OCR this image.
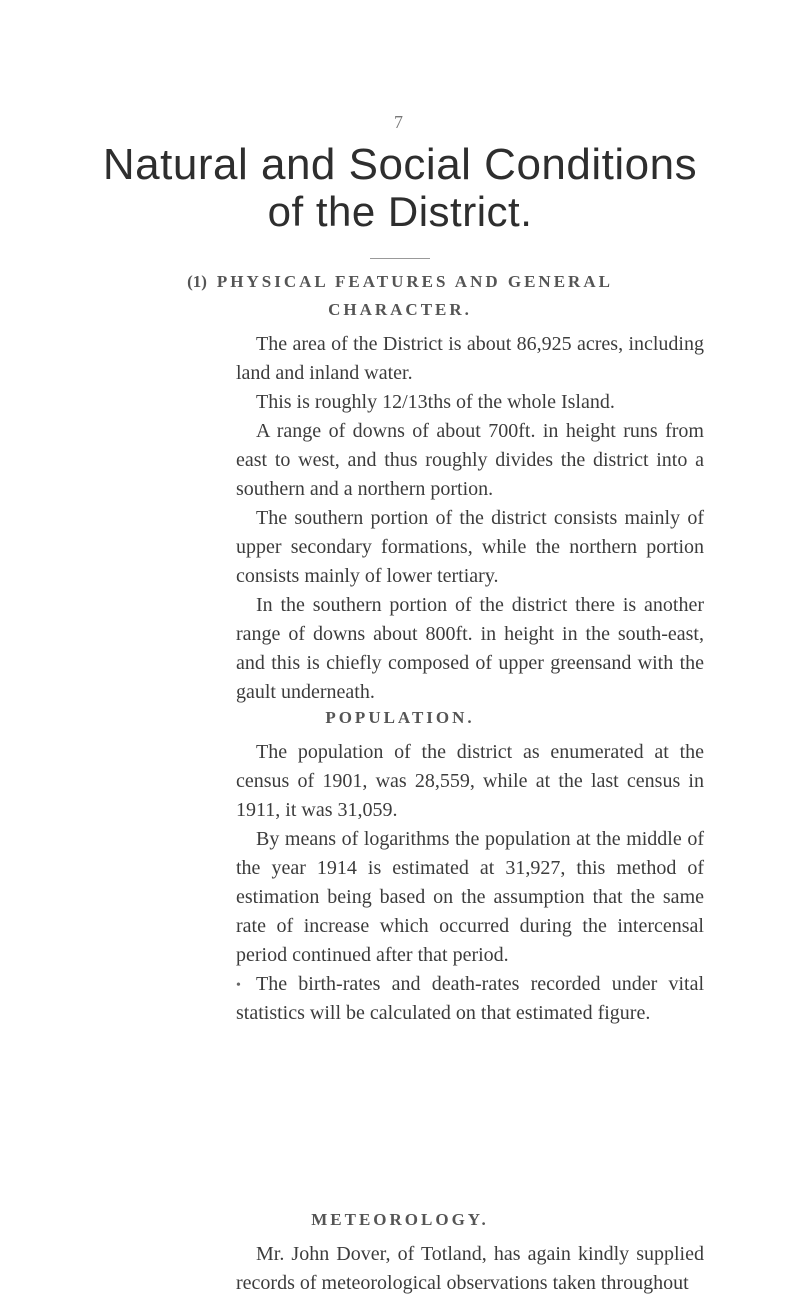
7
Natural and Social Conditions
of the District.
(1) PHYSICAL FEATURES AND GENERAL
CHARACTER.

The area of the District is about 86,925 acres, including land and inland water.

This is roughly 12/13ths of the whole Island.

A range of downs of about 700ft. in height runs from east to west, and thus roughly divides the district into a southern and a northern portion.

The southern portion of the district consists mainly of upper secondary formations, while the northern portion consists mainly of lower tertiary.

In the southern portion of the district there is another range of downs about 800ft. in height in the south-east, and this is chiefly composed of upper greensand with the gault underneath.

POPULATION.

The population of the district as enumerated at the census of 1901, was 28,559, while at the last census in 1911, it was 31,059.

By means of logarithms the population at the middle of the year 1914 is estimated at 31,927, this method of estimation being based on the assumption that the same rate of increase which occurred during the intercensal period continued after that period.

• The birth-rates and death-rates recorded under vital statistics will be calculated on that estimated figure.

METEOROLOGY.

Mr. John Dover, of Totland, has again kindly supplied records of meteorological observations taken throughout
